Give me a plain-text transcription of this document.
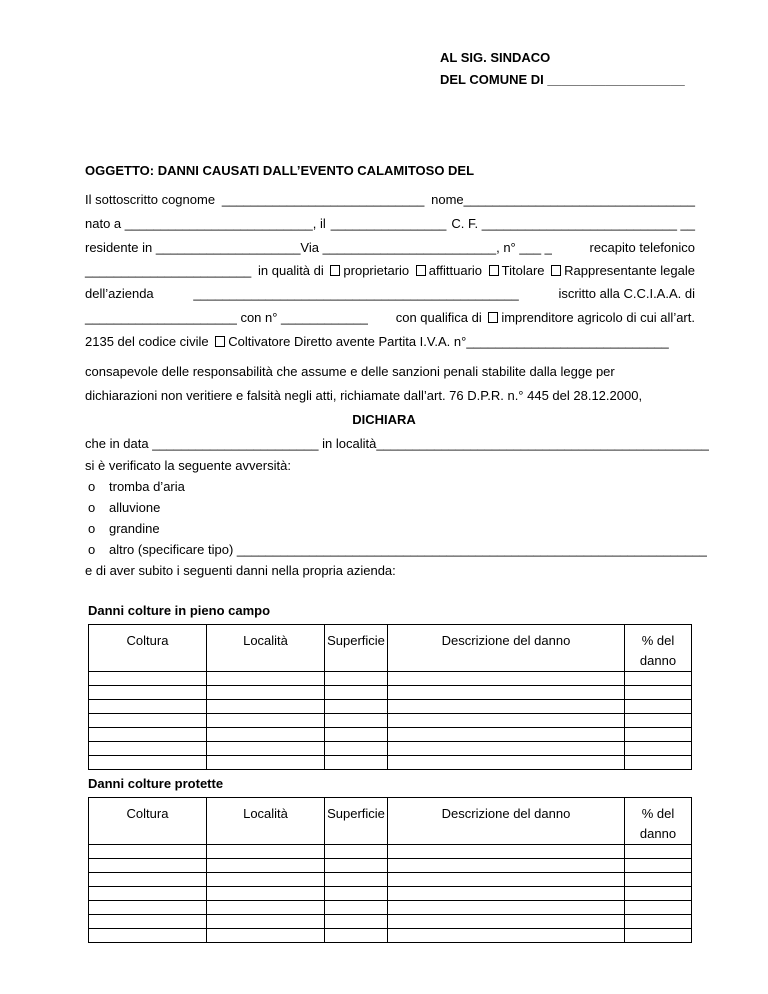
AL SIG. SINDACO
DEL COMUNE DI ___________________
OGGETTO: DANNI CAUSATI DALL’EVENTO CALAMITOSO DEL
Il sottoscritto cognome ____________________________ nome________________________________
nato a __________________________, il ________________ C. F. ___________________________ __
residente in ____________________Via ________________________, n° ___ _	recapito telefonico
_______________________ in qualità di proprietario affittuario Titolare Rappresentante legale
dell’azienda	_____________________________________________	iscritto alla C.C.I.A.A. di
_____________________ con n° ____________ con qualifica di imprenditore agricolo di cui all’art.
2135 del codice civile Coltivatore Diretto avente Partita I.V.A. n°____________________________
consapevole delle responsabilità che assume e delle sanzioni penali stabilite dalla legge per
dichiarazioni non veritiere e falsità negli atti, richiamate dall’art. 76 D.P.R. n.° 445 del 28.12.2000,
DICHIARA
che in data _______________________ in località ______________________________________________
si è verificato la seguente avversità:
o tromba d’aria
o alluvione
o grandine
o altro (specificare tipo) _________________________________________________________________
e di aver subito i seguenti danni nella propria azienda:
Danni colture in pieno campo
Coltura	Località	Superficie	Descrizione del danno	% del danno

Danni colture protette
Coltura	Località	Superficie	Descrizione del danno	% del danno
